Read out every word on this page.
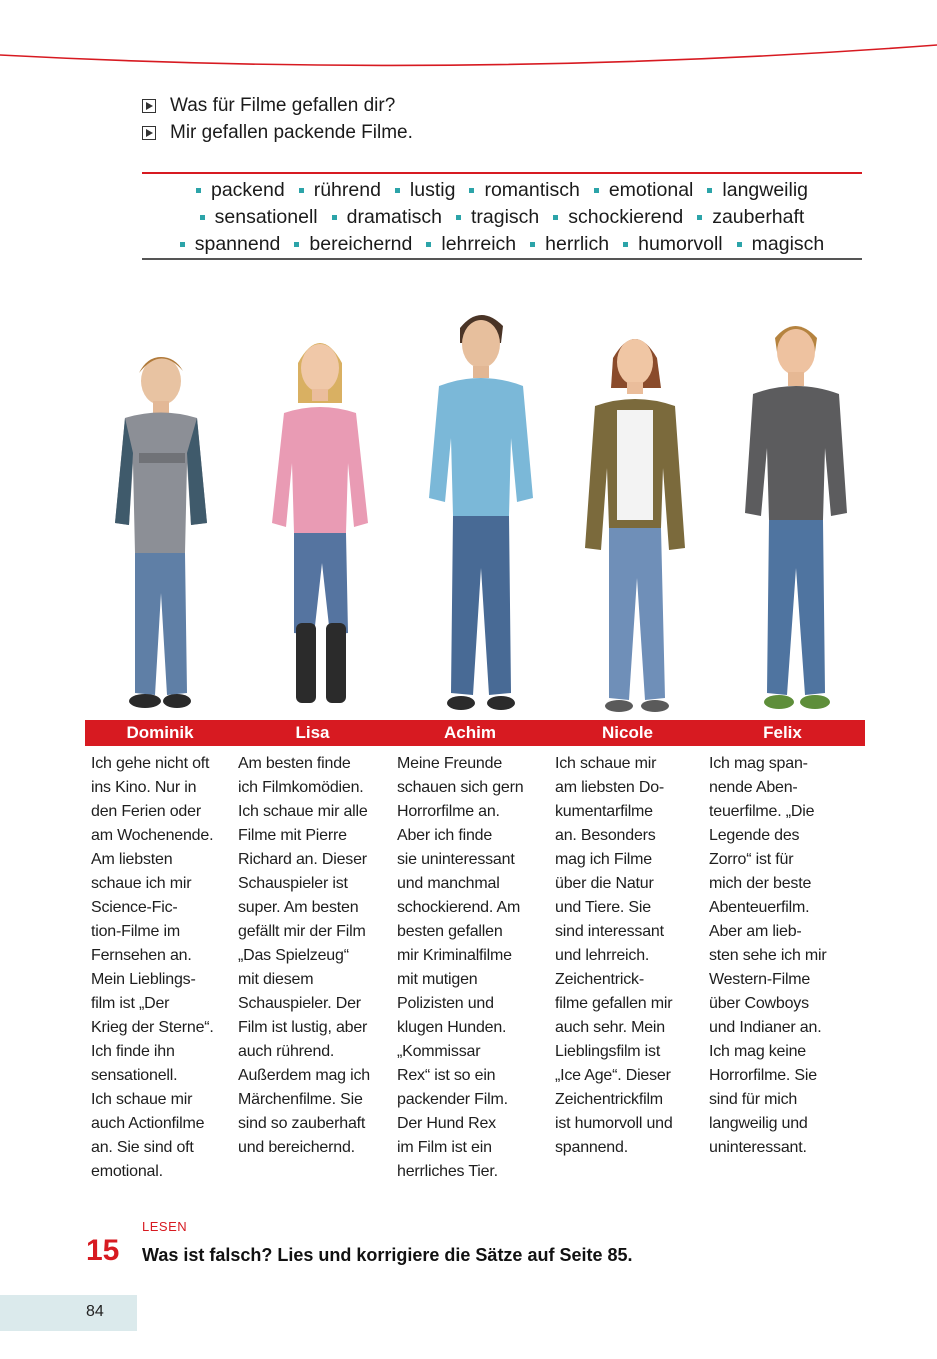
Was für Filme gefallen dir?
Mir gefallen packende Filme.
packend rührend lustig romantisch emotional langweilig
sensationell dramatisch tragisch schockierend zauberhaft
spannend bereichernd lehrreich herrlich humorvoll magisch
Dominik	Lisa	Achim	Nicole	Felix
Ich gehe nicht oft
ins Kino. Nur in
den Ferien oder
am Wochenende.
Am liebsten
schaue ich mir
Science-Fic-
tion-Filme im
Fernsehen an.
Mein Lieblings-
film ist „Der
Krieg der Sterne“.
Ich finde ihn
sensationell.
Ich schaue mir
auch Actionfilme
an. Sie sind oft
emotional.
Am besten finde
ich Filmkomödien.
Ich schaue mir alle
Filme mit Pierre
Richard an. Dieser
Schauspieler ist
super. Am besten
gefällt mir der Film
„Das Spielzeug“
mit diesem
Schauspieler. Der
Film ist lustig, aber
auch rührend.
Außerdem mag ich
Märchenfilme. Sie
sind so zauberhaft
und bereichernd.
Meine Freunde
schauen sich gern
Horrorfilme an.
Aber ich finde
sie uninteressant
und manchmal
schockierend. Am
besten gefallen
mir Kriminalfilme
mit mutigen
Polizisten und
klugen Hunden.
„Kommissar
Rex“ ist so ein
packender Film.
Der Hund Rex
im Film ist ein
herrliches Tier.
Ich schaue mir
am liebsten Do-
kumentarfilme
an. Besonders
mag ich Filme
über die Natur
und Tiere. Sie
sind interessant
und lehrreich.
Zeichentrick-
filme gefallen mir
auch sehr. Mein
Lieblingsfilm ist
„Ice Age“. Dieser
Zeichentrickfilm
ist humorvoll und
spannend.
Ich mag span-
nende Aben-
teuerfilme. „Die
Legende des
Zorro“ ist für
mich der beste
Abenteuerfilm.
Aber am lieb-
sten sehe ich mir
Western-Filme
über Cowboys
und Indianer an.
Ich mag keine
Horrorfilme. Sie
sind für mich
langweilig und
uninteressant.
LESEN
15 Was ist falsch? Lies und korrigiere die Sätze auf Seite 85.
84
